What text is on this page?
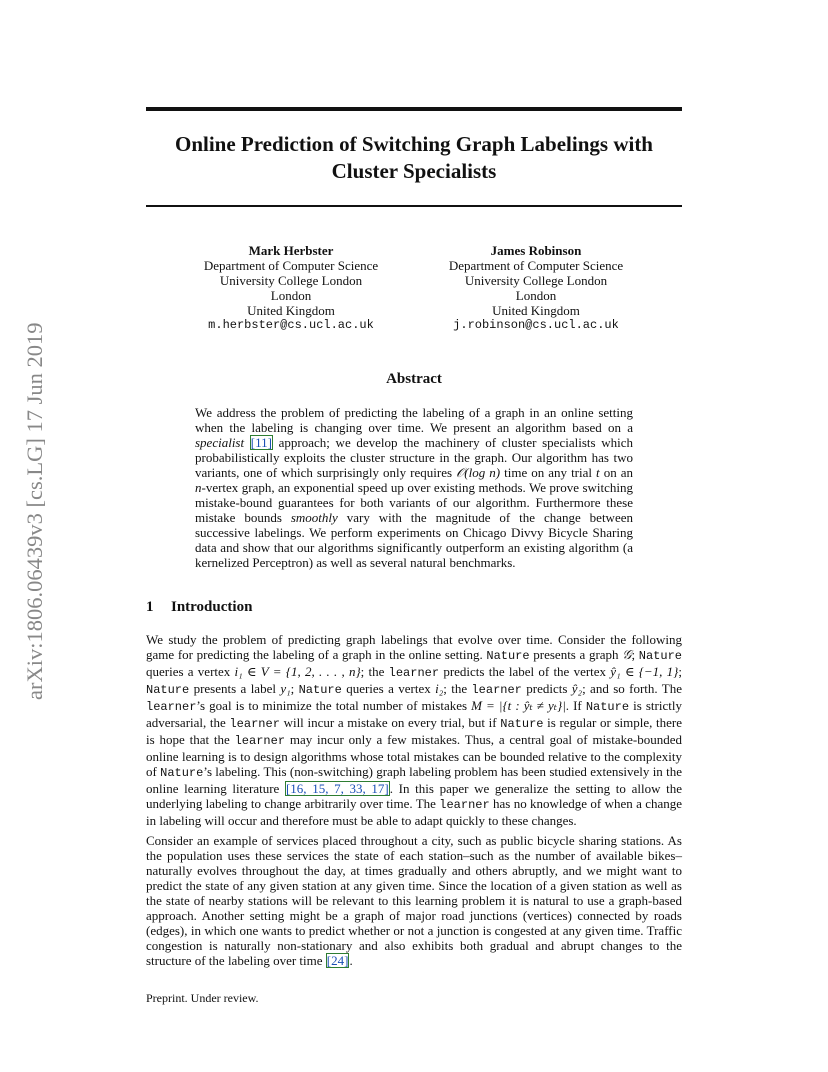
arXiv:1806.06439v3 [cs.LG] 17 Jun 2019
Online Prediction of Switching Graph Labelings with
Cluster Specialists
Mark Herbster
Department of Computer Science
University College London
London
United Kingdom
m.herbster@cs.ucl.ac.uk
James Robinson
Department of Computer Science
University College London
London
United Kingdom
j.robinson@cs.ucl.ac.uk
Abstract

We address the problem of predicting the labeling of a graph in an online setting when the labeling is changing over time. We present an algorithm based on a specialist [11] approach; we develop the machinery of cluster specialists which probabilistically exploits the cluster structure in the graph. Our algorithm has two variants, one of which surprisingly only requires 𝒪(log n) time on any trial t on an n-vertex graph, an exponential speed up over existing methods. We prove switching mistake-bound guarantees for both variants of our algorithm. Furthermore these mistake bounds smoothly vary with the magnitude of the change between successive labelings. We perform experiments on Chicago Divvy Bicycle Sharing data and show that our algorithms significantly outperform an existing algorithm (a kernelized Perceptron) as well as several natural benchmarks.

1 Introduction

We study the problem of predicting graph labelings that evolve over time. Consider the following game for predicting the labeling of a graph in the online setting. Nature presents a graph 𝒢; Nature queries a vertex i₁ ∈ V = {1, 2, . . . , n}; the learner predicts the label of the vertex ŷ₁ ∈ {−1, 1}; Nature presents a label y₁; Nature queries a vertex i₂; the learner predicts ŷ₂; and so forth. The learner’s goal is to minimize the total number of mistakes M = |{t : ŷₜ ≠ yₜ}|. If Nature is strictly adversarial, the learner will incur a mistake on every trial, but if Nature is regular or simple, there is hope that the learner may incur only a few mistakes. Thus, a central goal of mistake-bounded online learning is to design algorithms whose total mistakes can be bounded relative to the complexity of Nature’s labeling. This (non-switching) graph labeling problem has been studied extensively in the online learning literature [16, 15, 7, 33, 17]. In this paper we generalize the setting to allow the underlying labeling to change arbitrarily over time. The learner has no knowledge of when a change in labeling will occur and therefore must be able to adapt quickly to these changes.

Consider an example of services placed throughout a city, such as public bicycle sharing stations. As the population uses these services the state of each station–such as the number of available bikes–naturally evolves throughout the day, at times gradually and others abruptly, and we might want to predict the state of any given station at any given time. Since the location of a given station as well as the state of nearby stations will be relevant to this learning problem it is natural to use a graph-based approach. Another setting might be a graph of major road junctions (vertices) connected by roads (edges), in which one wants to predict whether or not a junction is congested at any given time. Traffic congestion is naturally non-stationary and also exhibits both gradual and abrupt changes to the structure of the labeling over time [24].

Preprint. Under review.
